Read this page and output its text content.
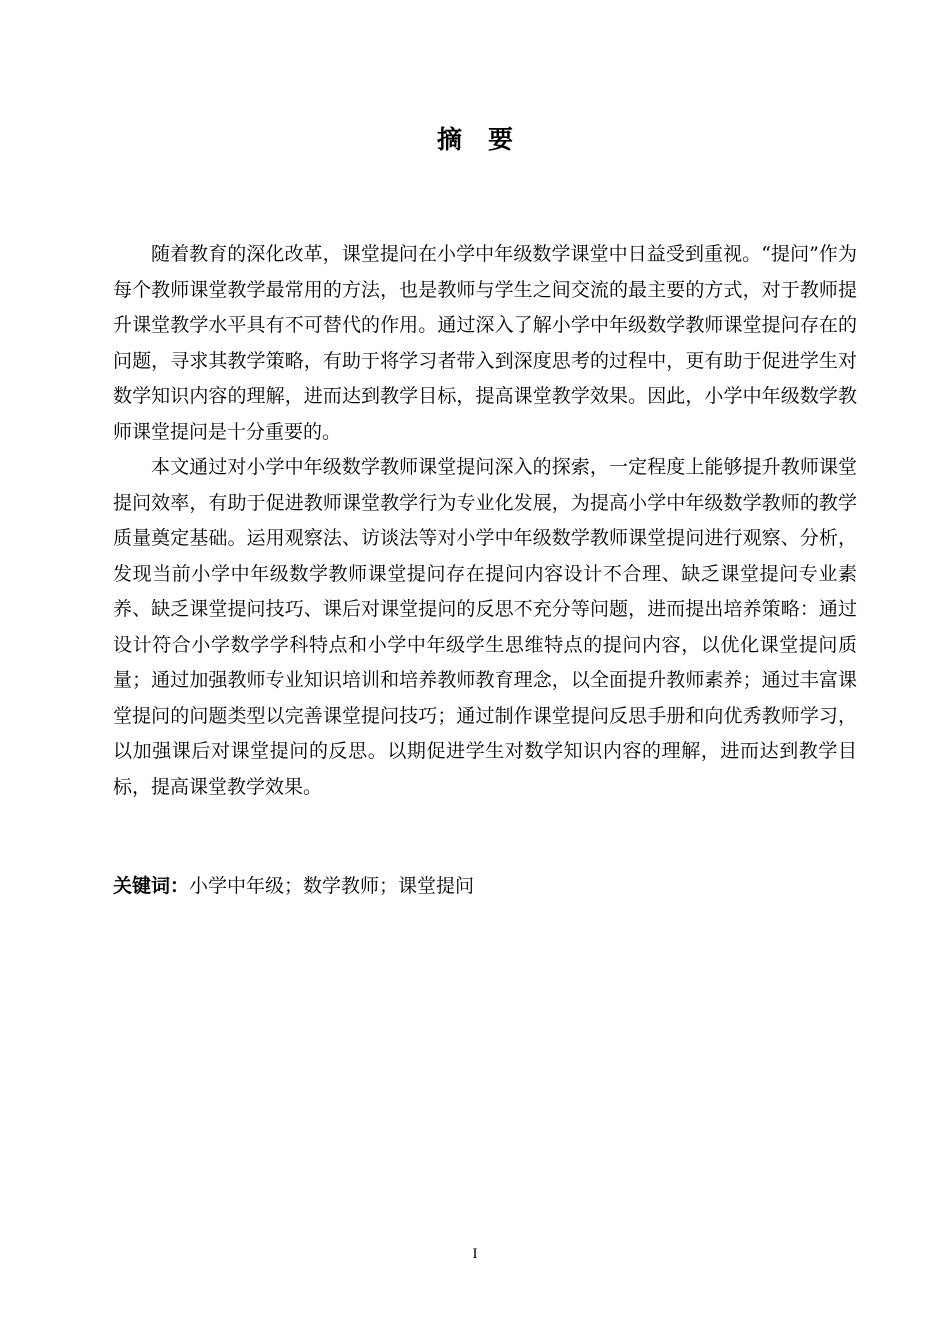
摘要

随着教育的深化改革，课堂提问在小学中年级数学课堂中日益受到重视。“提问”作为每个教师课堂教学最常用的方法，也是教师与学生之间交流的最主要的方式，对于教师提升课堂教学水平具有不可替代的作用。通过深入了解小学中年级数学教师课堂提问存在的问题，寻求其教学策略，有助于将学习者带入到深度思考的过程中，更有助于促进学生对数学知识内容的理解，进而达到教学目标，提高课堂教学效果。因此，小学中年级数学教师课堂提问是十分重要的。

本文通过对小学中年级数学教师课堂提问深入的探索，一定程度上能够提升教师课堂提问效率，有助于促进教师课堂教学行为专业化发展，为提高小学中年级数学教师的教学质量奠定基础。运用观察法、访谈法等对小学中年级数学教师课堂提问进行观察、分析，发现当前小学中年级数学教师课堂提问存在提问内容设计不合理、缺乏课堂提问专业素养、缺乏课堂提问技巧、课后对课堂提问的反思不充分等问题，进而提出培养策略：通过设计符合小学数学学科特点和小学中年级学生思维特点的提问内容，以优化课堂提问质量；通过加强教师专业知识培训和培养教师教育理念，以全面提升教师素养；通过丰富课堂提问的问题类型以完善课堂提问技巧；通过制作课堂提问反思手册和向优秀教师学习，以加强课后对课堂提问的反思。以期促进学生对数学知识内容的理解，进而达到教学目标，提高课堂教学效果。

关键词：小学中年级；数学教师；课堂提问
I
